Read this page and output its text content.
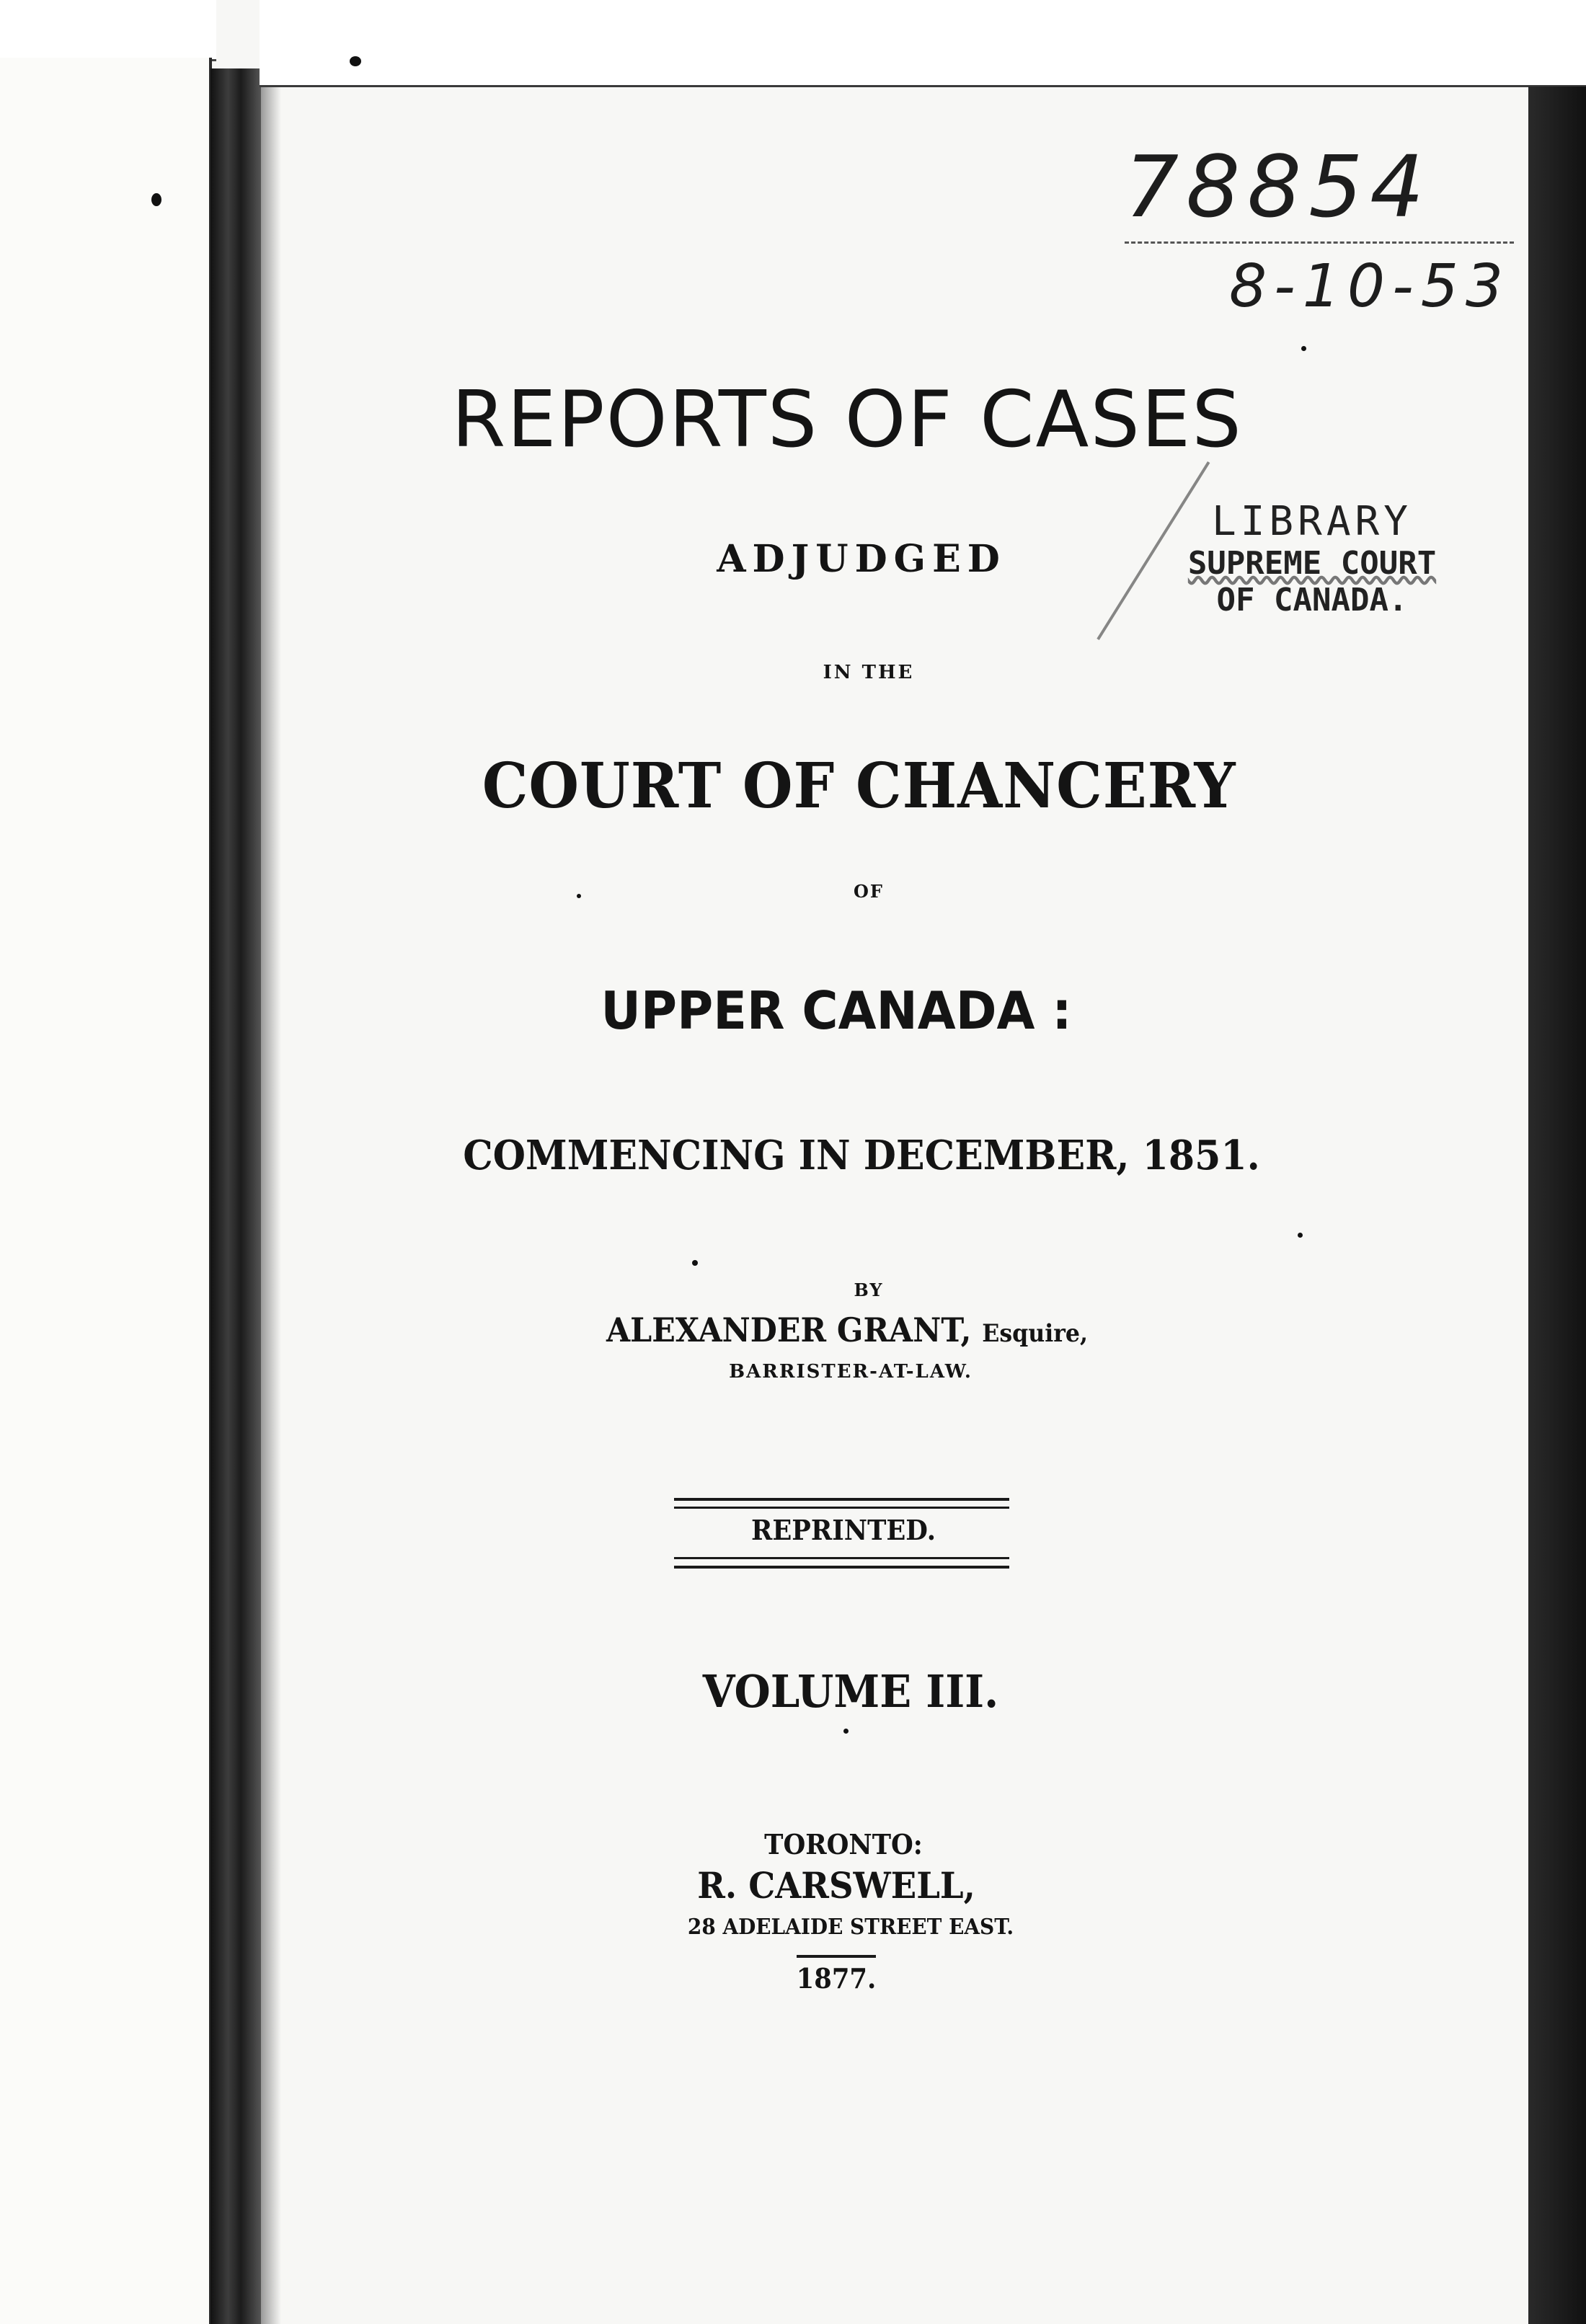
78854
8-10-53
LIBRARY
SUPREME COURT
OF CANADA.
REPORTS OF CASES
ADJUDGED
IN THE
COURT OF CHANCERY
OF
UPPER CANADA :
COMMENCING IN DECEMBER, 1851.
BY
ALEXANDER GRANT, Esquire,
BARRISTER-AT-LAW.
REPRINTED.
VOLUME III.
TORONTO:
R. CARSWELL,
28 ADELAIDE STREET EAST.
1877.
